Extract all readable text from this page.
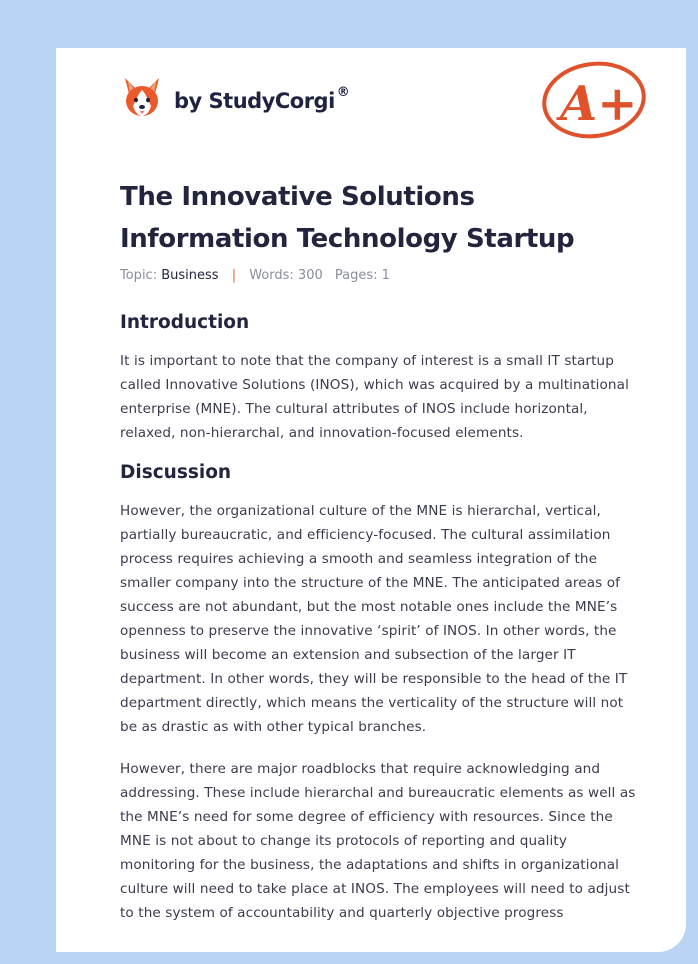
by StudyCorgi ®	A+
The Innovative Solutions Information Technology Startup
Topic: Business | Words: 300 Pages: 1
Introduction

It is important to note that the company of interest is a small IT startup called Innovative Solutions (INOS), which was acquired by a multinational enterprise (MNE). The cultural attributes of INOS include horizontal, relaxed, non-hierarchal, and innovation-focused elements.

Discussion

However, the organizational culture of the MNE is hierarchal, vertical, partially bureaucratic, and efficiency-focused. The cultural assimilation process requires achieving a smooth and seamless integration of the smaller company into the structure of the MNE. The anticipated areas of success are not abundant, but the most notable ones include the MNE’s openness to preserve the innovative ‘spirit’ of INOS. In other words, the business will become an extension and subsection of the larger IT department. In other words, they will be responsible to the head of the IT department directly, which means the verticality of the structure will not be as drastic as with other typical branches.

However, there are major roadblocks that require acknowledging and addressing. These include hierarchal and bureaucratic elements as well as the MNE’s need for some degree of efficiency with resources. Since the MNE is not about to change its protocols of reporting and quality monitoring for the business, the adaptations and shifts in organizational culture will need to take place at INOS. The employees will need to adjust to the system of accountability and quarterly objective progress
